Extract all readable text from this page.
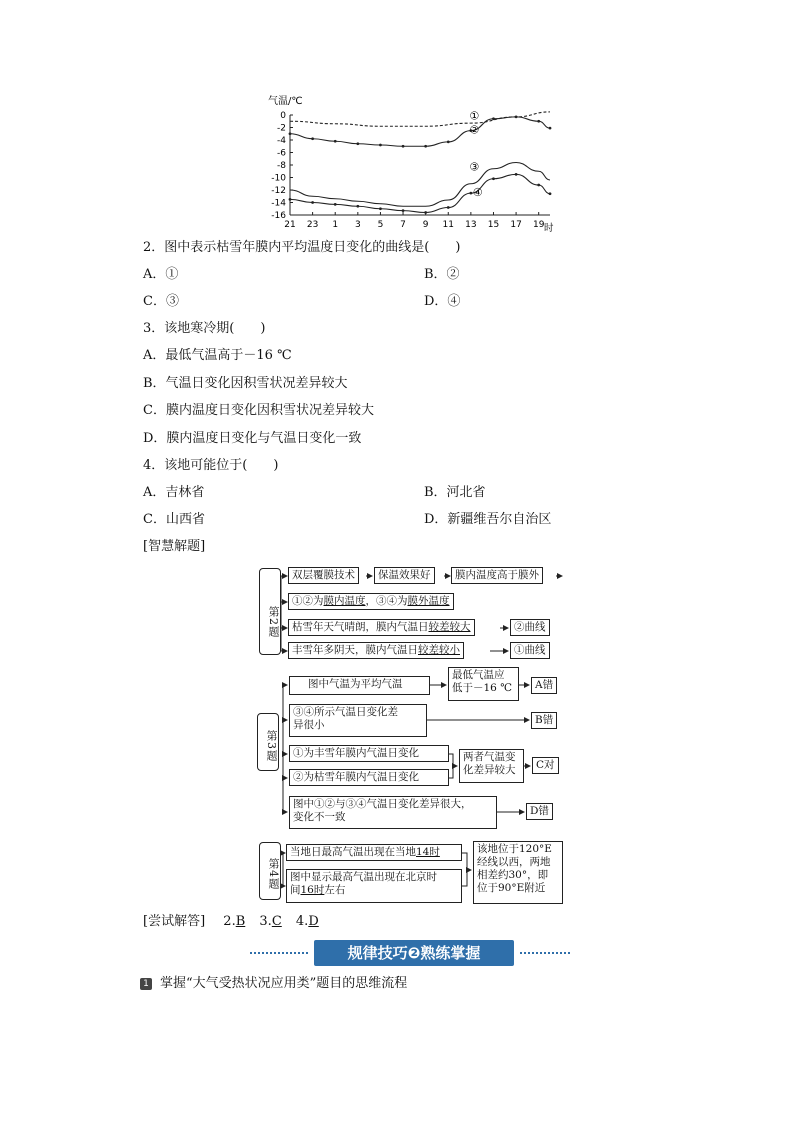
气温/℃
时
0
-2
-4
-6
-8
-10
-12
-14
-16
21 23 1 3 5 7 9 11 13 15 17 19
①
②
③
④
2．图中表示枯雪年膜内平均温度日变化的曲线是(　　)
A．①	B．②
C．③	D．④
3．该地寒冷期(　　)
A．最低气温高于－16 ℃
B．气温日变化因积雪状况差异较大
C．膜内温度日变化因积雪状况差异较大
D．膜内温度日变化与气温日变化一致
4．该地可能位于(　　)
A．吉林省	B．河北省
C．山西省	D．新疆维吾尔自治区
[智慧解题]
第2题
双层覆膜技术	保温效果好	膜内温度高于膜外
①②为膜内温度，③④为膜外温度
枯雪年天气晴朗，膜内气温日较差较大	②曲线
丰雪年多阴天，膜内气温日较差较小	①曲线
第3题
图中气温为平均气温
最低气温应
低于－16 ℃	A错
③④所示气温日变化差
异很小	B错
①为丰雪年膜内气温日变化
②为枯雪年膜内气温日变化
两者气温变
化差异较大	C对
图中①②与③④气温日变化差异很大，
变化不一致	D错
第4题
当地日最高气温出现在当地14时
图中显示最高气温出现在北京时
间16时左右
该地位于120°E
经线以西，两地
相差约30°，即
位于90°E附近
[尝试解答] 2.B 3.C 4.D
规律技巧❷熟练掌握
1 掌握“大气受热状况应用类”题目的思维流程
